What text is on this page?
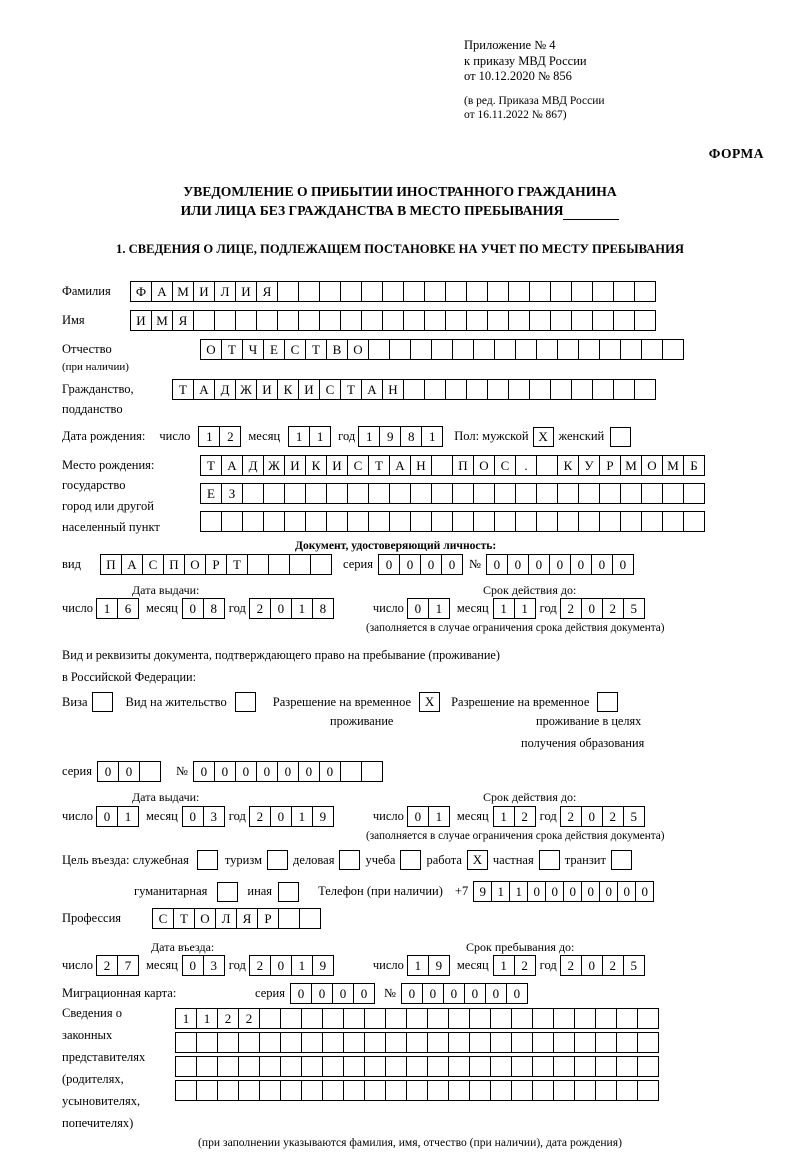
Приложение № 4
к приказу МВД России
от 10.12.2020 № 856
(в ред. Приказа МВД России
от 16.11.2022 № 867)
ФОРМА
УВЕДОМЛЕНИЕ О ПРИБЫТИИ ИНОСТРАННОГО ГРАЖДАНИНА
ИЛИ ЛИЦА БЕЗ ГРАЖДАНСТВА В МЕСТО ПРЕБЫВАНИЯ
1. СВЕДЕНИЯ О ЛИЦЕ, ПОДЛЕЖАЩЕМ ПОСТАНОВКЕ НА УЧЕТ ПО МЕСТУ ПРЕБЫВАНИЯ
Фамилия	Ф А М И Л И Я
Имя	И М Я
Отчество	О Т Ч Е С Т В О
(при наличии)
Гражданство,	Т А Д Ж И К И С Т А Н
подданство
Дата рождения: число	1	2	месяц	1	1	год 1	9	8	1	Пол: мужской X женский
Место рождения:	Т А Д Ж И К И С Т А Н	П О С	.	К У Р М О М Б
государство
Е	З
город или другой
населенный пункт
Документ, удостоверяющий личность:
вид	П А С П О Р	Т	серия 0	0	0	0	№ 0	0	0	0	0	0	0
Дата выдачи:	Срок действия до:
число 1	6	месяц 0	8 год 2	0	1	8	число 0	1	месяц 1	1 год 2	0	2	5
(заполняется в случае ограничения срока действия документа)
Вид и реквизиты документа, подтверждающего право на пребывание (проживание)
в Российской Федерации:
Виза	Вид на жительство	Разрешение на временное	X	Разрешение на временное
проживание	проживание в целях
получения образования
серия 0	0	№ 0	0	0	0	0	0	0
Дата выдачи:	Срок действия до:
число 0	1	месяц 0	3 год 2	0	1	9	число 0	1	месяц 1	2 год 2	0	2	5
(заполняется в случае ограничения срока действия документа)
Цель въезда: служебная	туризм деловая учеба работа X частная транзит
гуманитарная	иная	Телефон (при наличии) +7 9 1 1 0 0 0 0 0 0 0
Профессия	С Т О Л Я	Р
Дата въезда:	Срок пребывания до:
число 2	7	месяц 0	3 год 2	0	1	9	число 1	9	месяц 1	2 год 2	0	2	5
Миграционная карта:	серия 0	0	0	0	№ 0	0	0	0	0	0
Сведения о
законных
представителях
(родителях,
усыновителях,
попечителях)
1	1	2	2
(при заполнении указываются фамилия, имя, отчество (при наличии), дата рождения)
